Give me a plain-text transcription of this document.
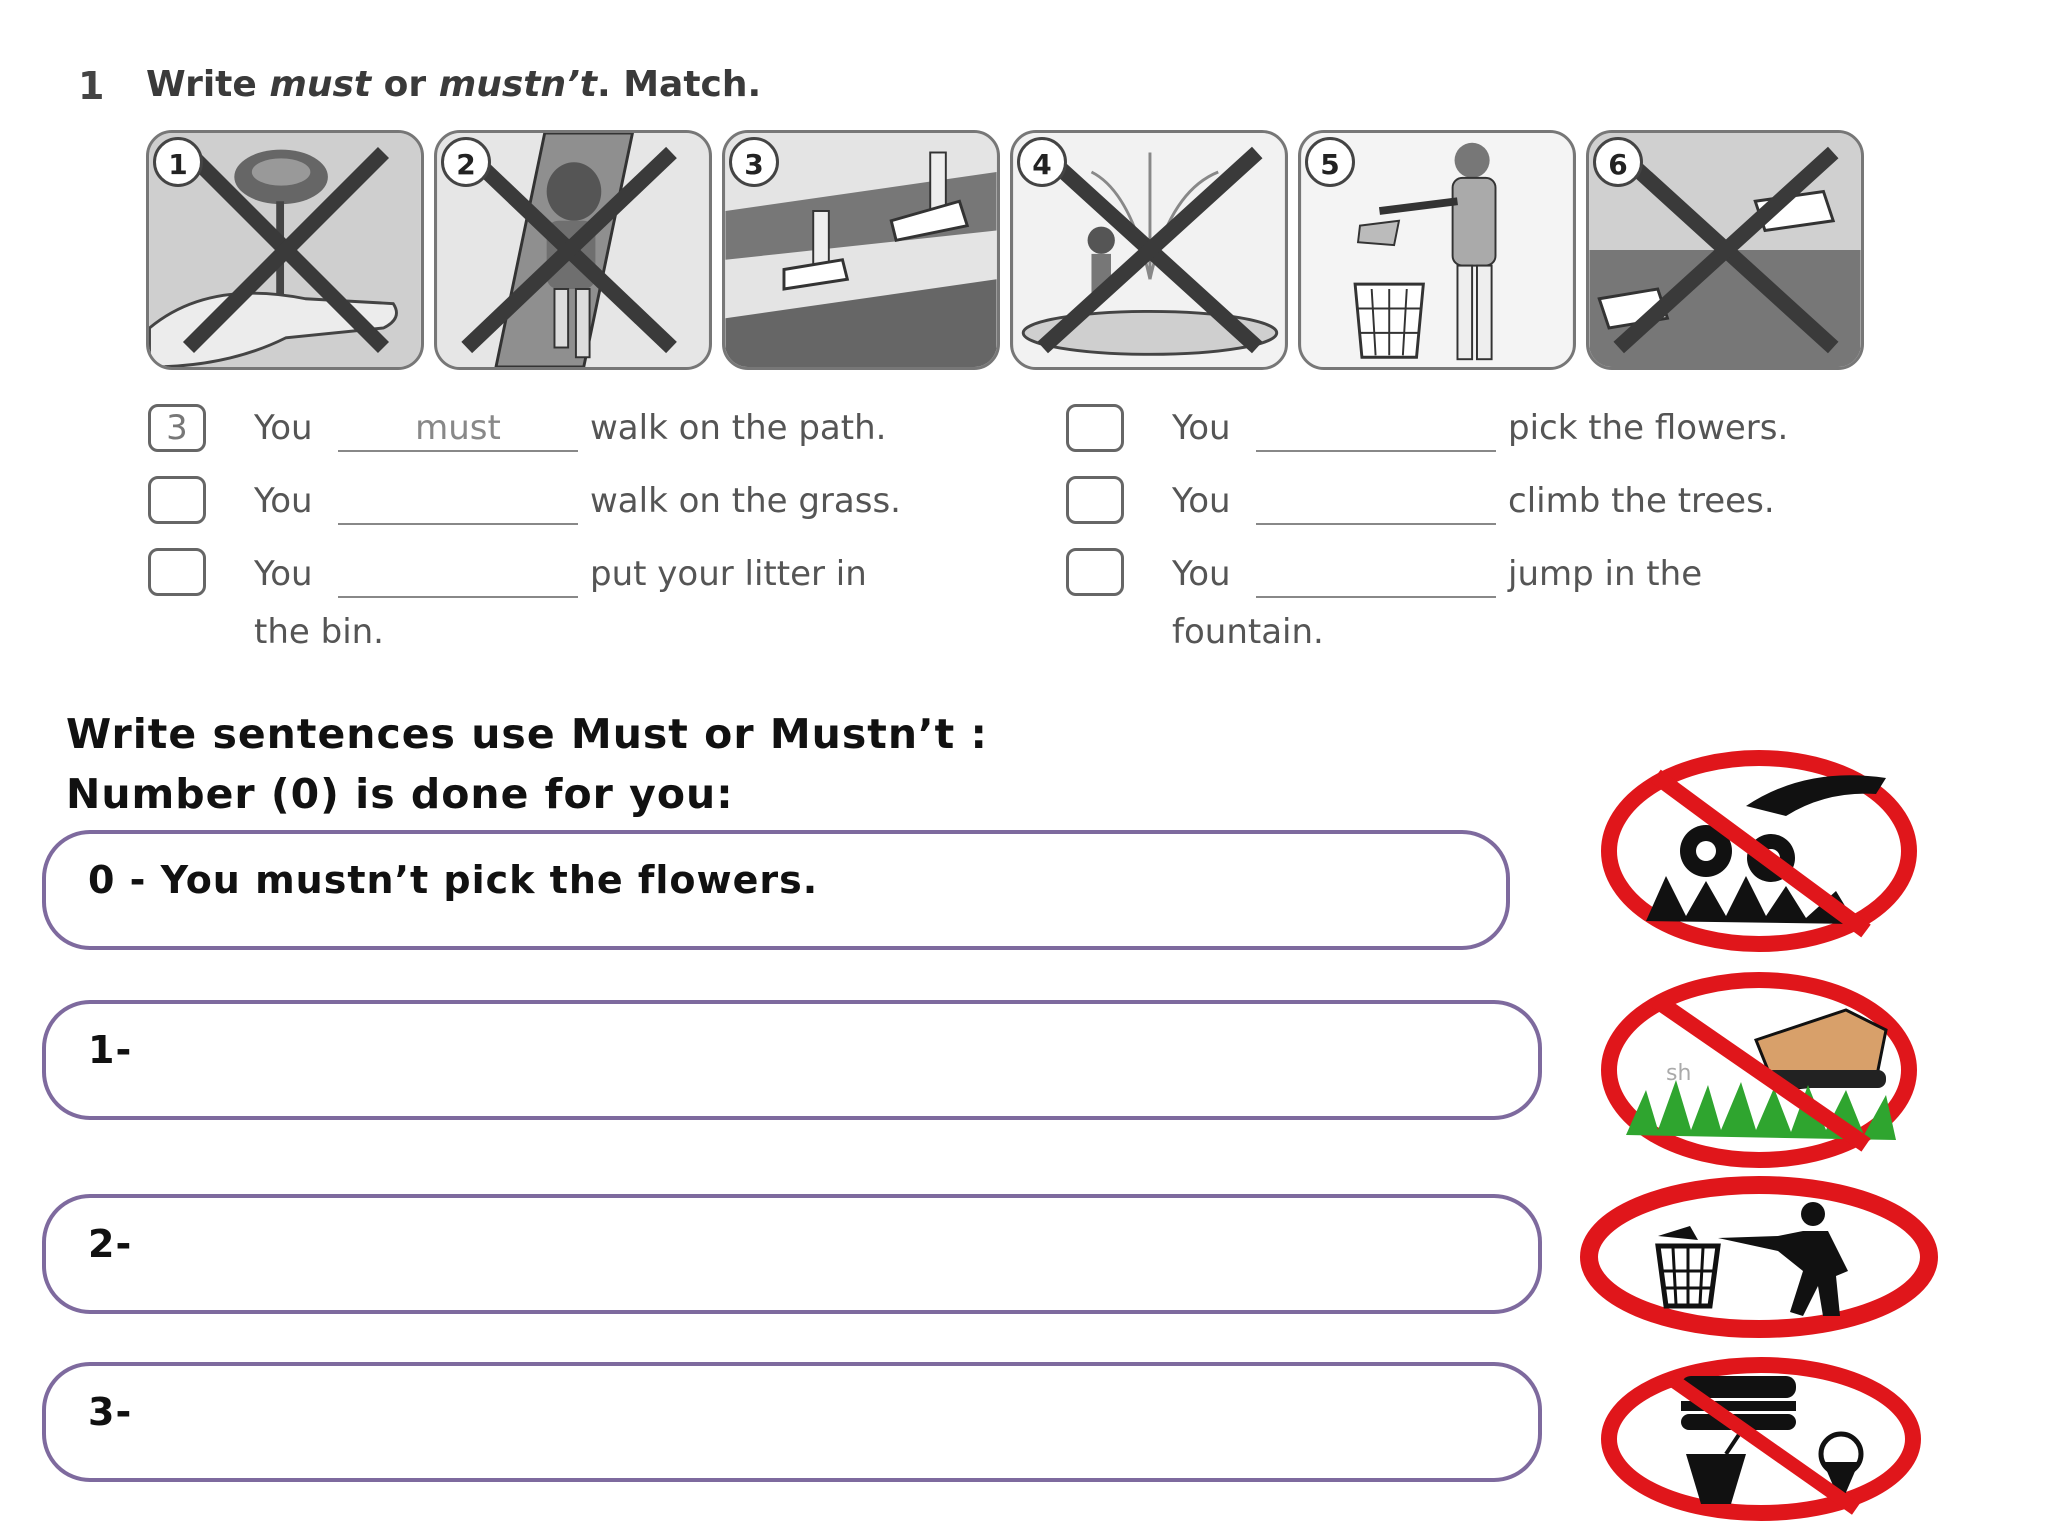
1 Write must or mustn’t. Match.
1	2	3	4	5	6
3	You	must	walk on the path.
You	walk on the grass.
You	put your litter in
the bin.
You	pick the flowers.
You	climb the trees.
You	jump in the
fountain.
Write sentences use Must or Mustn’t :
Number (0) is done for you:
0 - You mustn’t pick the flowers.
1-
2-
3-
sh
